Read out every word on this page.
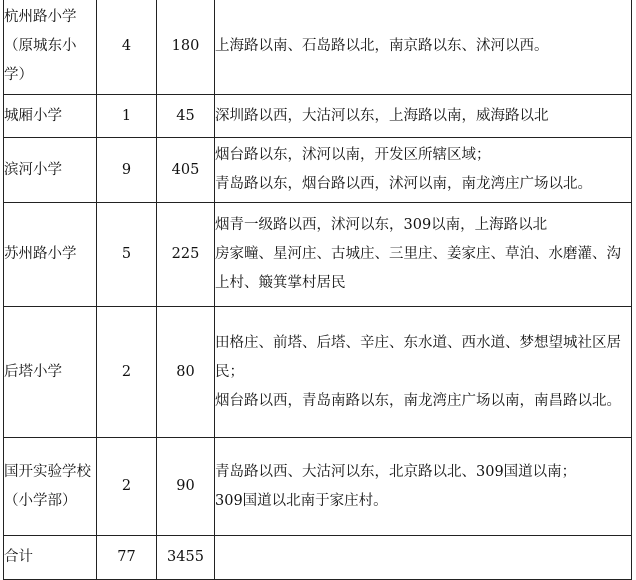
杭州路小学（原城东小学）	4	180	上海路以南、石岛路以北，南京路以东、沭河以西。

城厢小学	1	45	深圳路以西，大沽河以东，上海路以南，威海路以北

滨河小学	9	405	烟台路以东，沭河以南，开发区所辖区域；
青岛路以东，烟台路以西，沭河以南，南龙湾庄广场以北。

苏州路小学	5	225	烟青一级路以西，沭河以东，309以南，上海路以北
房家疃、星河庄、古城庄、三里庄、姜家庄、草泊、水磨灌、沟上村、簸箕掌村居民

后塔小学	2	80	田格庄、前塔、后塔、辛庄、东水道、西水道、梦想望城社区居民；
烟台路以西，青岛南路以东，南龙湾庄广场以南，南昌路以北。

国开实验学校（小学部）	2	90	青岛路以西、大沽河以东，北京路以北、309国道以南；
309国道以北南于家庄村。

合计	77	3455	
